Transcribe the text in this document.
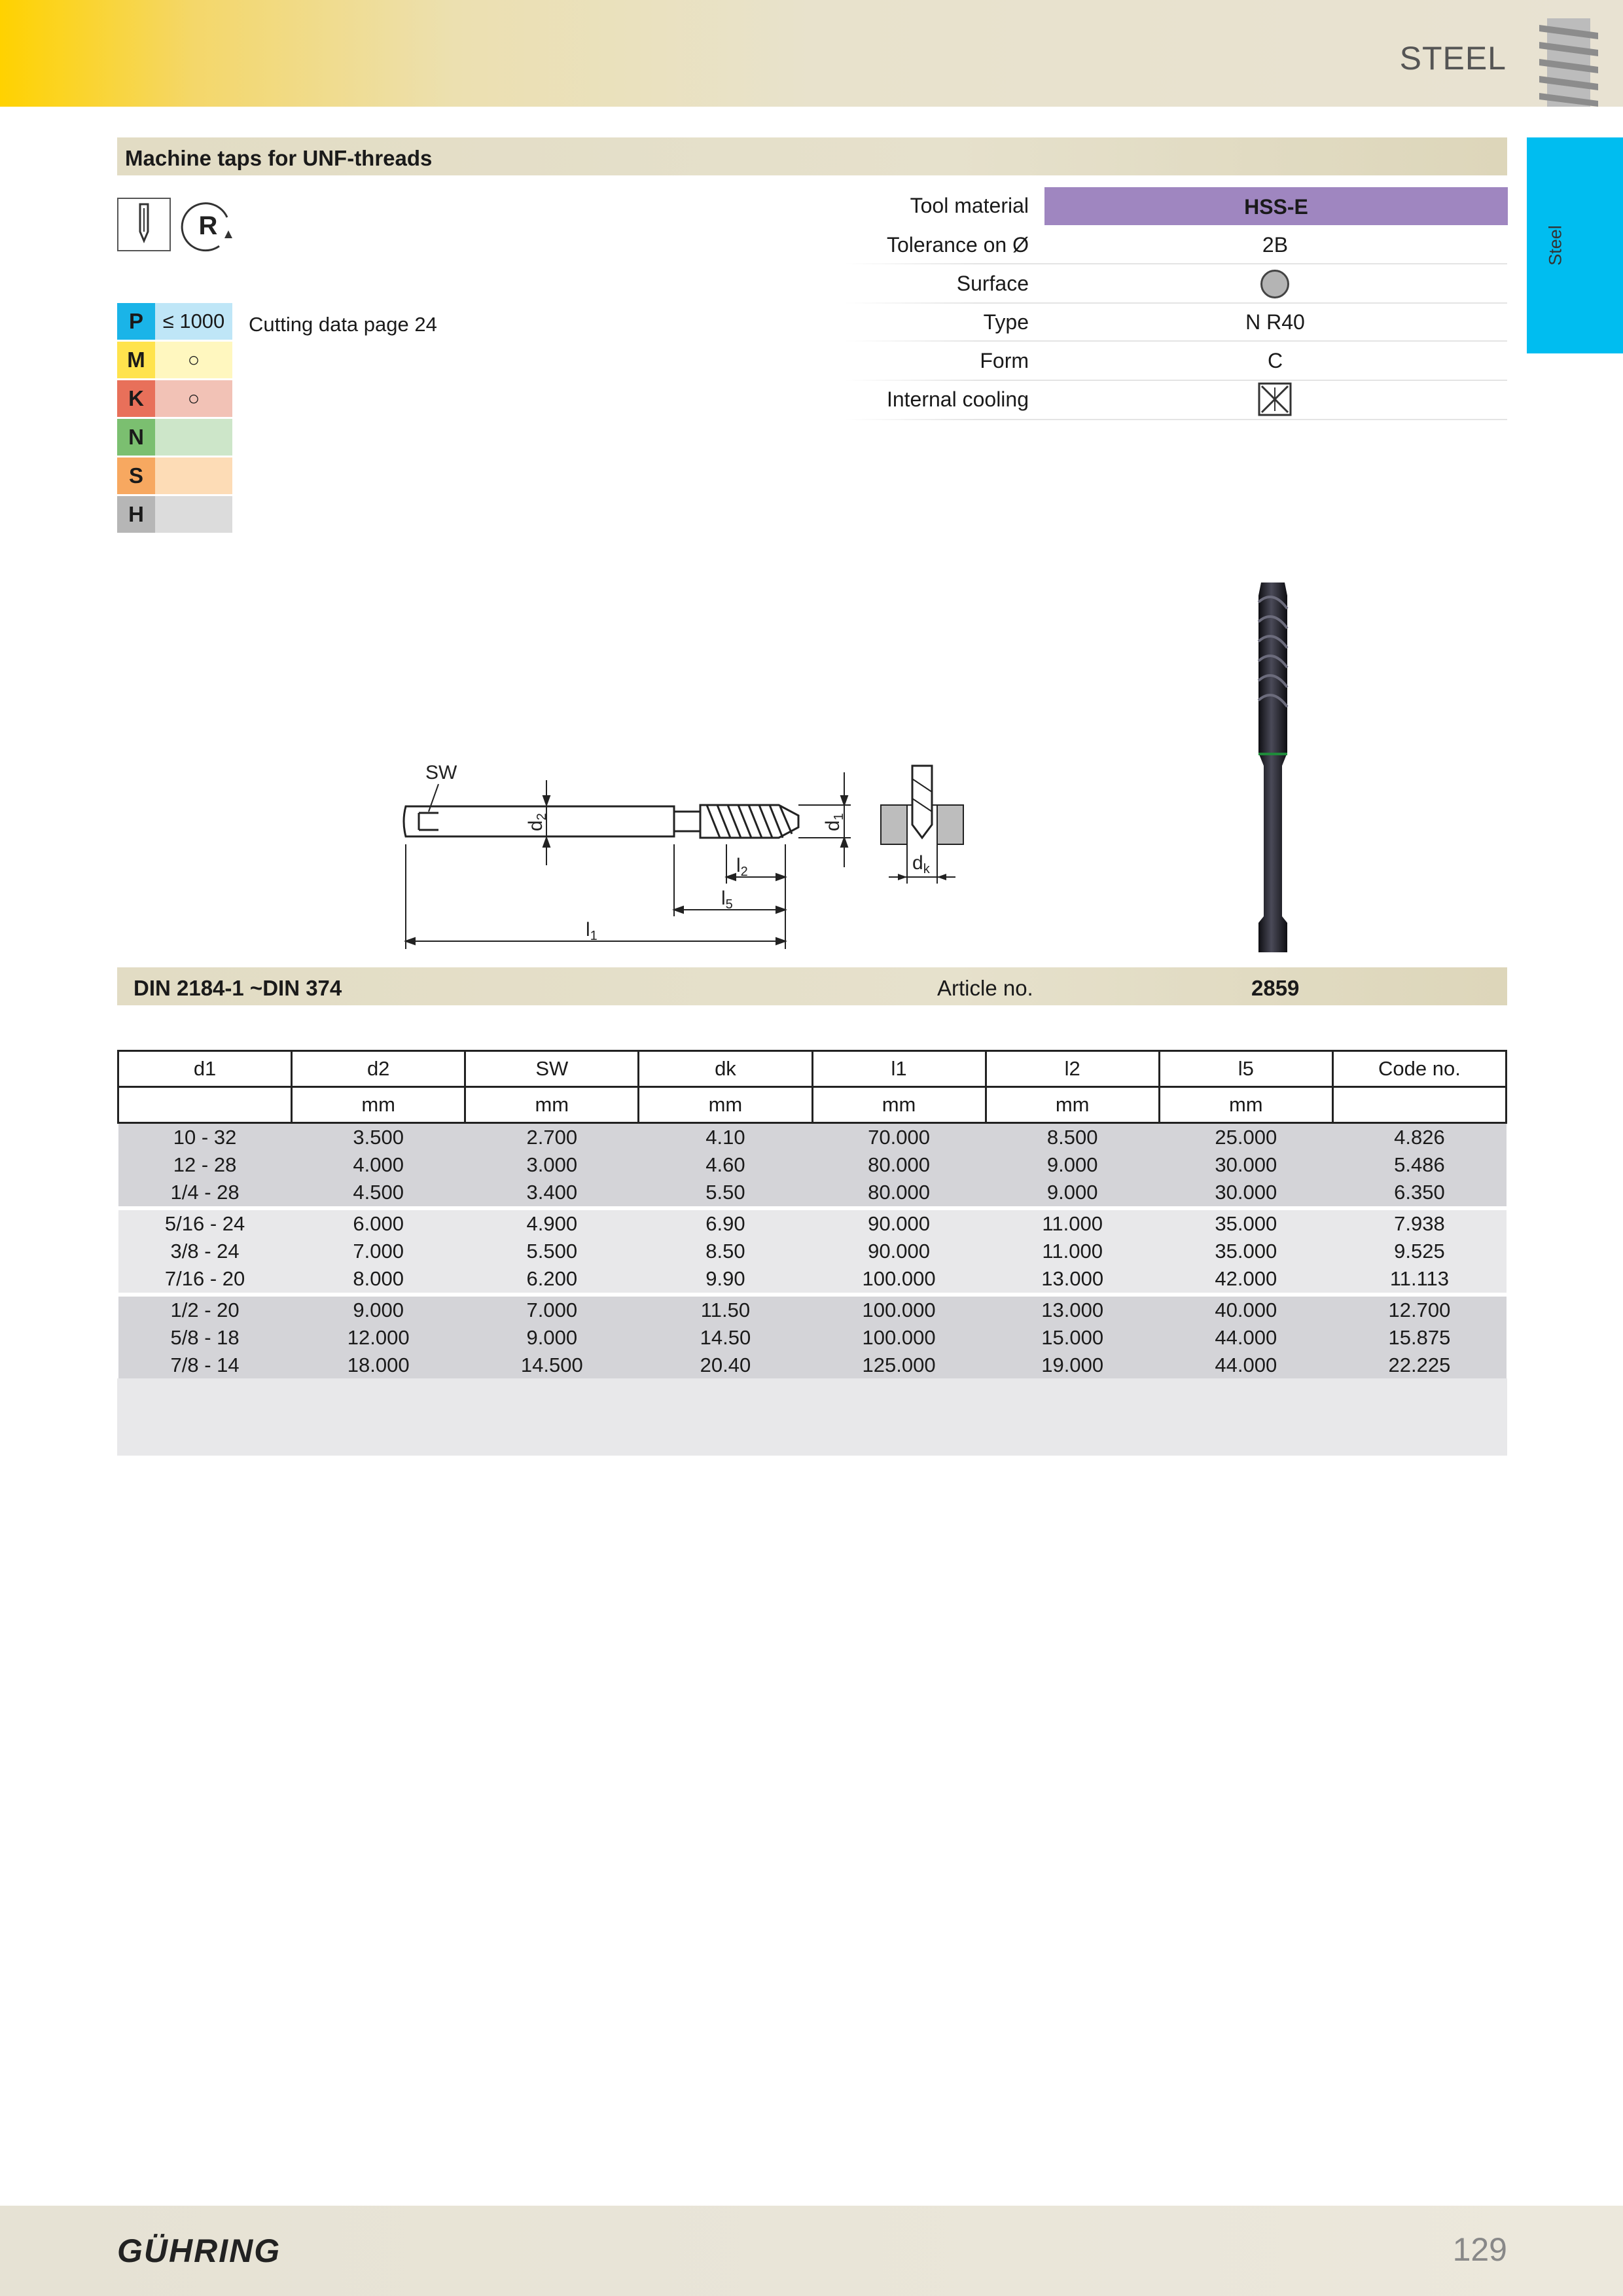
STEEL
Steel
Machine taps for UNF-threads
R
P ≤ 1000
M	○
K	○
N
S
H
Cutting data page 24
Tool material	HSS-E
Tolerance on Ø	2B
Surface
Type	N R40
Form	C
Internal cooling
SW
$d_2$
$d_1$
$l_2$
$l_5$
$l_1$
$d_k$
DIN 2184-1 ~DIN 374	Article no.	2859
d1	d2	SW	dk	l1	l2	l5	Code no.
	mm	mm	mm	mm	mm	mm	
10 - 32	3.500	2.700	4.10	70.000	8.500	25.000	4.826
12 - 28	4.000	3.000	4.60	80.000	9.000	30.000	5.486
1/4 - 28	4.500	3.400	5.50	80.000	9.000	30.000	6.350
5/16 - 24	6.000	4.900	6.90	90.000	11.000	35.000	7.938
3/8 - 24	7.000	5.500	8.50	90.000	11.000	35.000	9.525
7/16 - 20	8.000	6.200	9.90	100.000	13.000	42.000	11.113
1/2 - 20	9.000	7.000	11.50	100.000	13.000	40.000	12.700
5/8 - 18	12.000	9.000	14.50	100.000	15.000	44.000	15.875
7/8 - 14	18.000	14.500	20.40	125.000	19.000	44.000	22.225
GÜHRING	129
